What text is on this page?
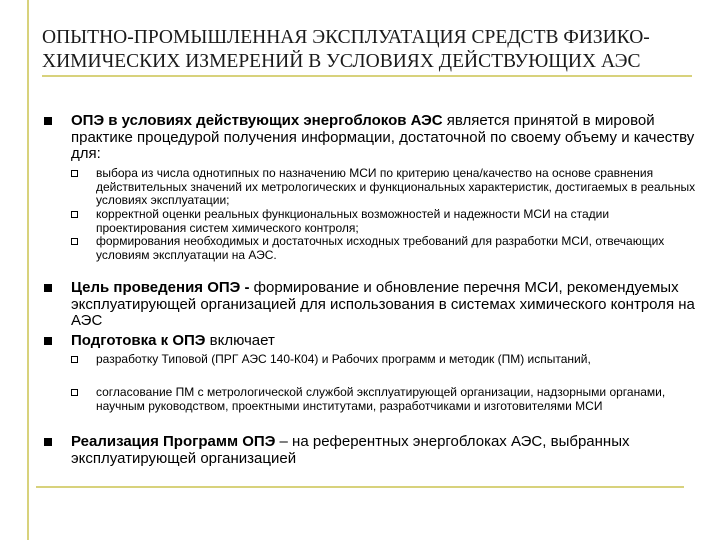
ОПЫТНО-ПРОМЫШЛЕННАЯ ЭКСПЛУАТАЦИЯ СРЕДСТВ ФИЗИКО-
ХИМИЧЕСКИХ ИЗМЕРЕНИЙ В УСЛОВИЯХ ДЕЙСТВУЮЩИХ АЭС
ОПЭ в условиях действующих энергоблоков АЭС является принятой в мировой практике процедурой получения информации, достаточной по своему объему и качеству для:
выбора из числа однотипных по назначению МСИ по критерию цена/качество на основе сравнения действительных значений их метрологических и функциональных характеристик, достигаемых в реальных условиях эксплуатации;
корректной оценки реальных функциональных возможностей и надежности МСИ на стадии проектирования систем химического контроля;
формирования необходимых и достаточных исходных требований для разработки МСИ, отвечающих условиям эксплуатации на АЭС.
Цель проведения ОПЭ - формирование и обновление перечня МСИ, рекомендуемых эксплуатирующей организацией для использования в системах химического контроля на АЭС
Подготовка к ОПЭ включает
разработку Типовой (ПРГ АЭС 140-К04) и Рабочих программ и методик (ПМ) испытаний,
согласование ПМ с метрологической службой эксплуатирующей организации, надзорными органами, научным руководством, проектными институтами, разработчиками и изготовителями МСИ
Реализация Программ ОПЭ – на референтных энергоблоках АЭС, выбранных эксплуатирующей организацией
